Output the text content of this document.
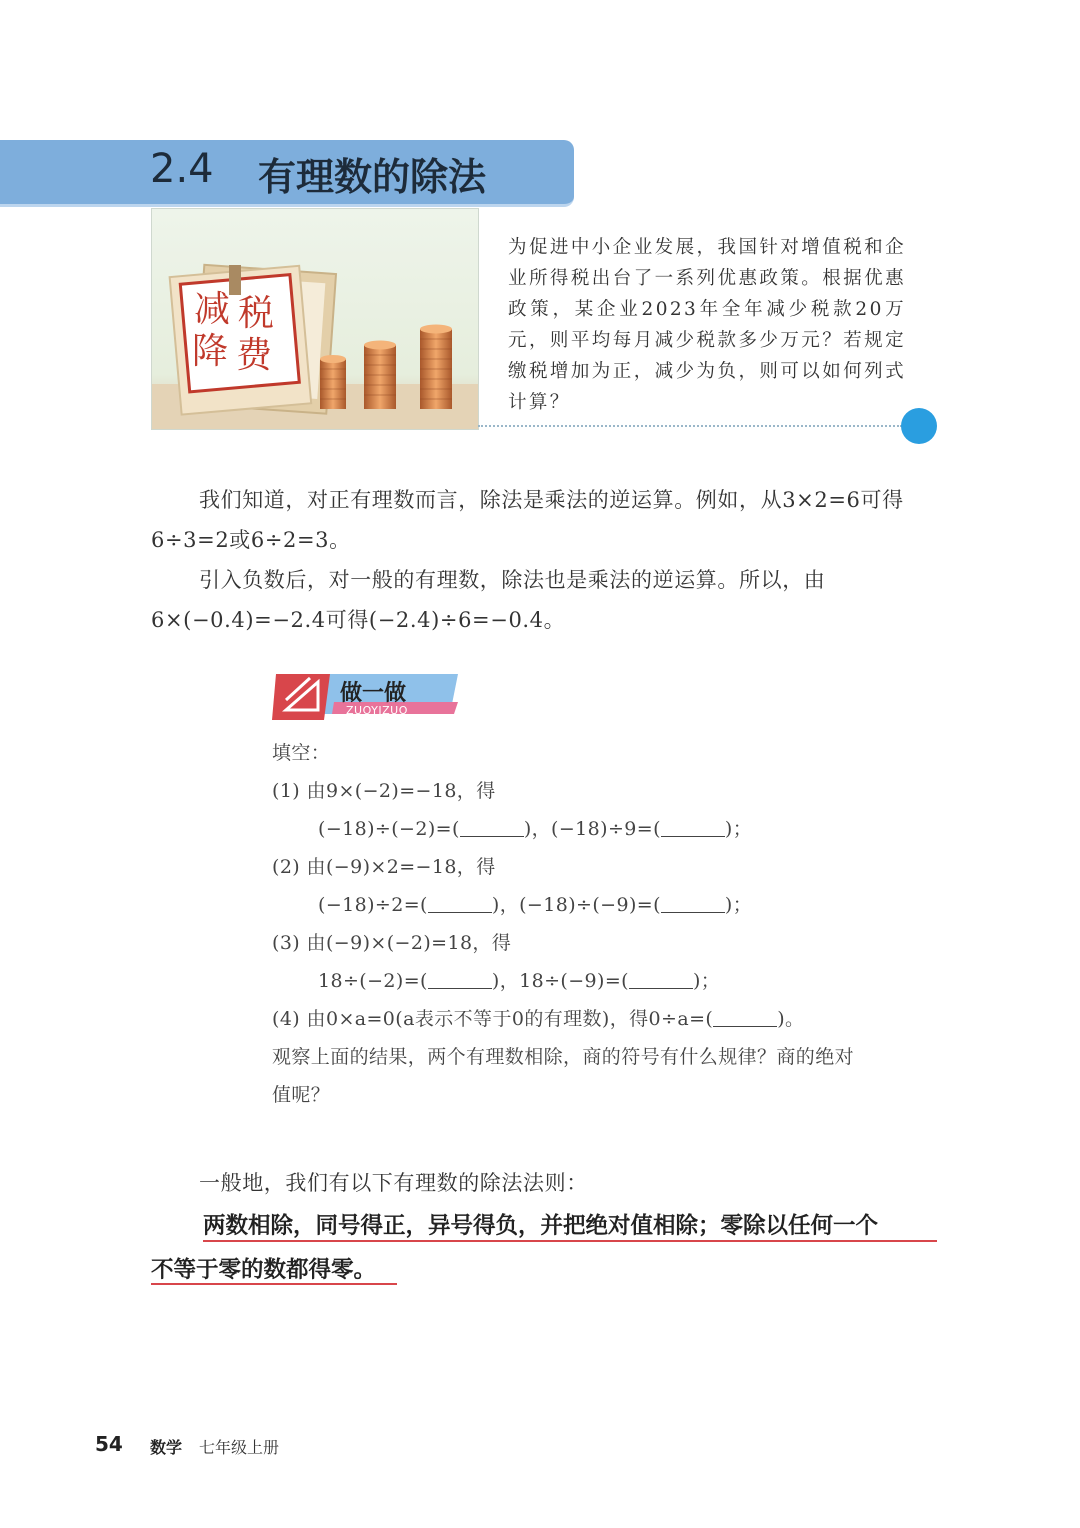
2.4 有理数的除法
减 税
降 费
为促进中小企业发展，我国针对增值税和企业所得税出台了一系列优惠政策。根据优惠政策，某企业2023年全年减少税款20万元，则平均每月减少税款多少万元？若规定缴税增加为正，减少为负，则可以如何列式计算？
我们知道，对正有理数而言，除法是乘法的逆运算。例如，从3×2=6可得6÷3=2或6÷2=3。
引入负数后，对一般的有理数，除法也是乘法的逆运算。所以，由6×(−0.4)=−2.4可得(−2.4)÷6=−0.4。
做一做
ZUOYIZUO
填空：
(1) 由9×(−2)=−18，得
(−18)÷(−2)=(	)，(−18)÷9=(	)；
(2) 由(−9)×2=−18，得
(−18)÷2=(	)，(−18)÷(−9)=(	)；
(3) 由(−9)×(−2)=18，得
18÷(−2)=(	)，18÷(−9)=(	)；
(4) 由0×a=0(a表示不等于0的有理数)，得0÷a=(	)。
观察上面的结果，两个有理数相除，商的符号有什么规律？商的绝对
值呢？
一般地，我们有以下有理数的除法法则：
两数相除，同号得正，异号得负，并把绝对值相除；零除以任何一个
不等于零的数都得零。
54 数学 七年级上册
